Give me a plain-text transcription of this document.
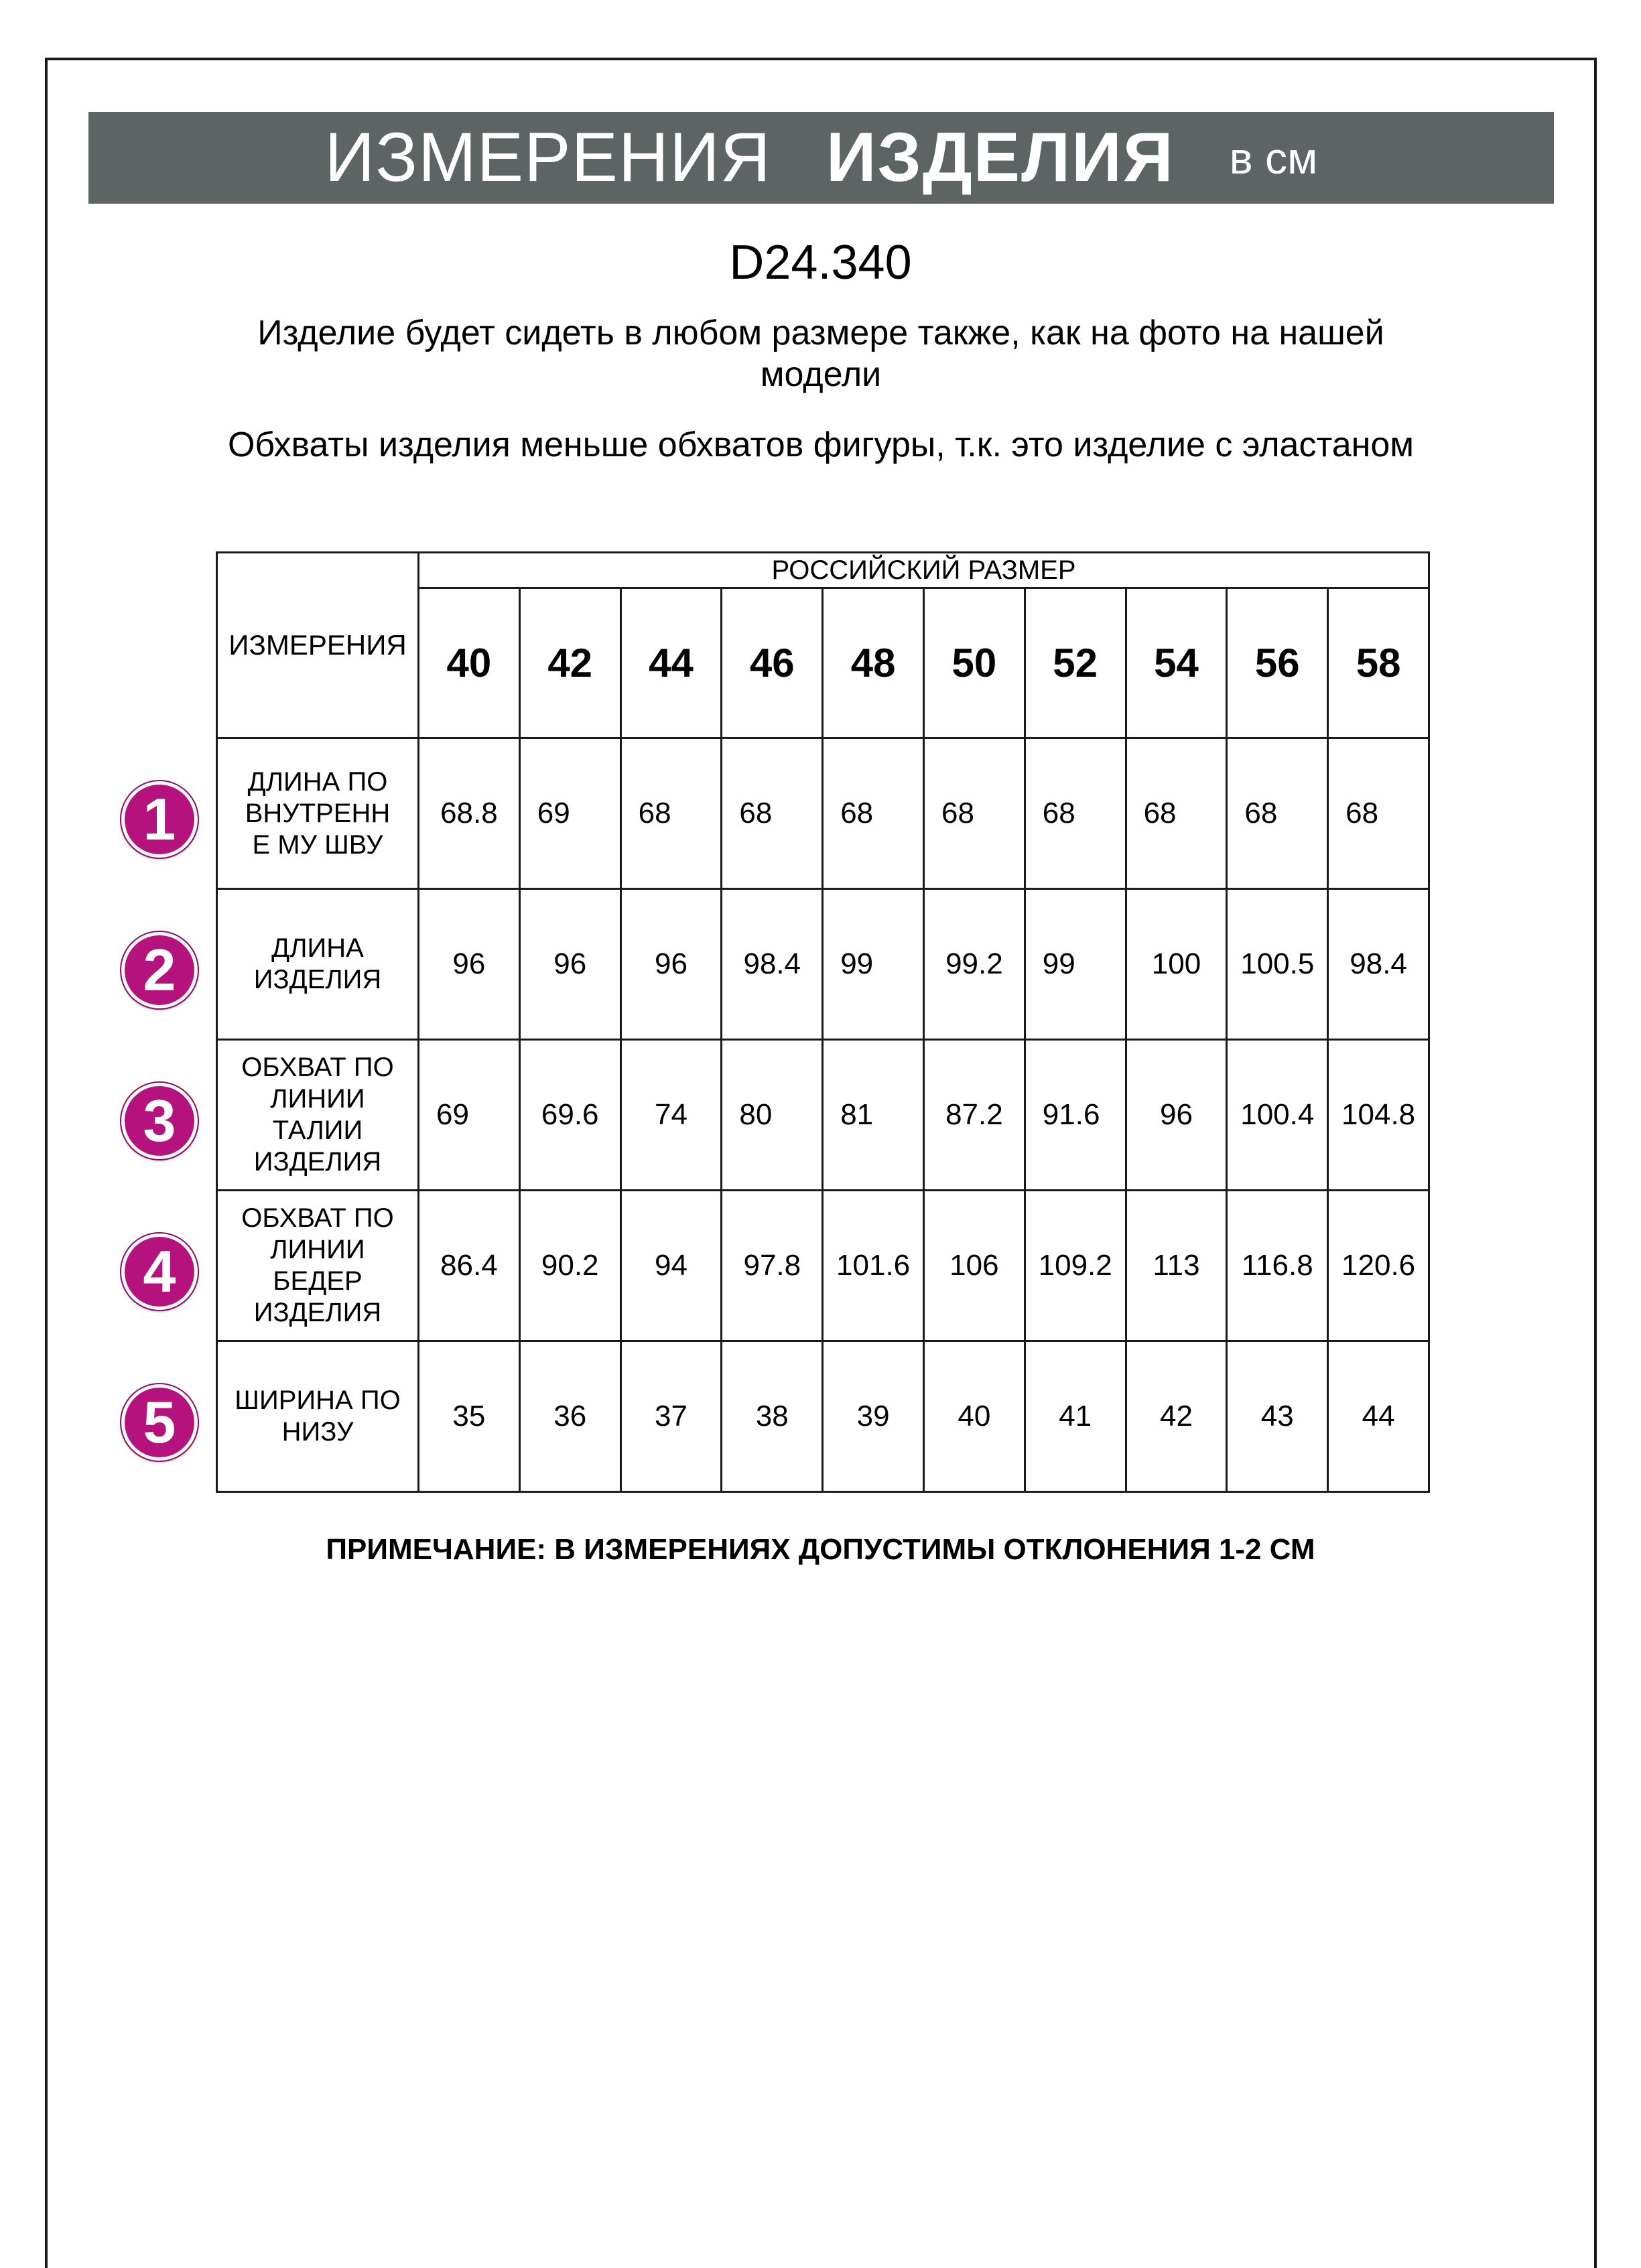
ИЗМЕРЕНИЯ ИЗДЕЛИЯ в см
D24.340
Изделие будет сидеть в любом размере также, как на фото на нашей модели
Обхваты изделия меньше обхватов фигуры, т.к. это изделие с эластаном
ИЗМЕРЕНИЯ	РОССИЙСКИЙ РАЗМЕР									
	40	42	44	46	48	50	52	54	56	58

ДЛИНА ПО
ВНУТРЕНН
Е МУ ШВУ	68.8	69	68	68	68	68	68	68	68	68

ДЛИНА
ИЗДЕЛИЯ	96	96	96	98.4	99	99.2	99	100	100.5	98.4

ОБХВАТ ПО
ЛИНИИ
ТАЛИИ
ИЗДЕЛИЯ	69	69.6	74	80	81	87.2	91.6	96	100.4	104.8

ОБХВАТ ПО
ЛИНИИ
БЕДЕР
ИЗДЕЛИЯ	86.4	90.2	94	97.8	101.6	106	109.2	113	116.8	120.6

ШИРИНА ПО
НИЗУ	35	36	37	38	39	40	41	42	43	44
1
2
3
4
5
ПРИМЕЧАНИЕ: В ИЗМЕРЕНИЯХ ДОПУСТИМЫ ОТКЛОНЕНИЯ 1-2 СМ
